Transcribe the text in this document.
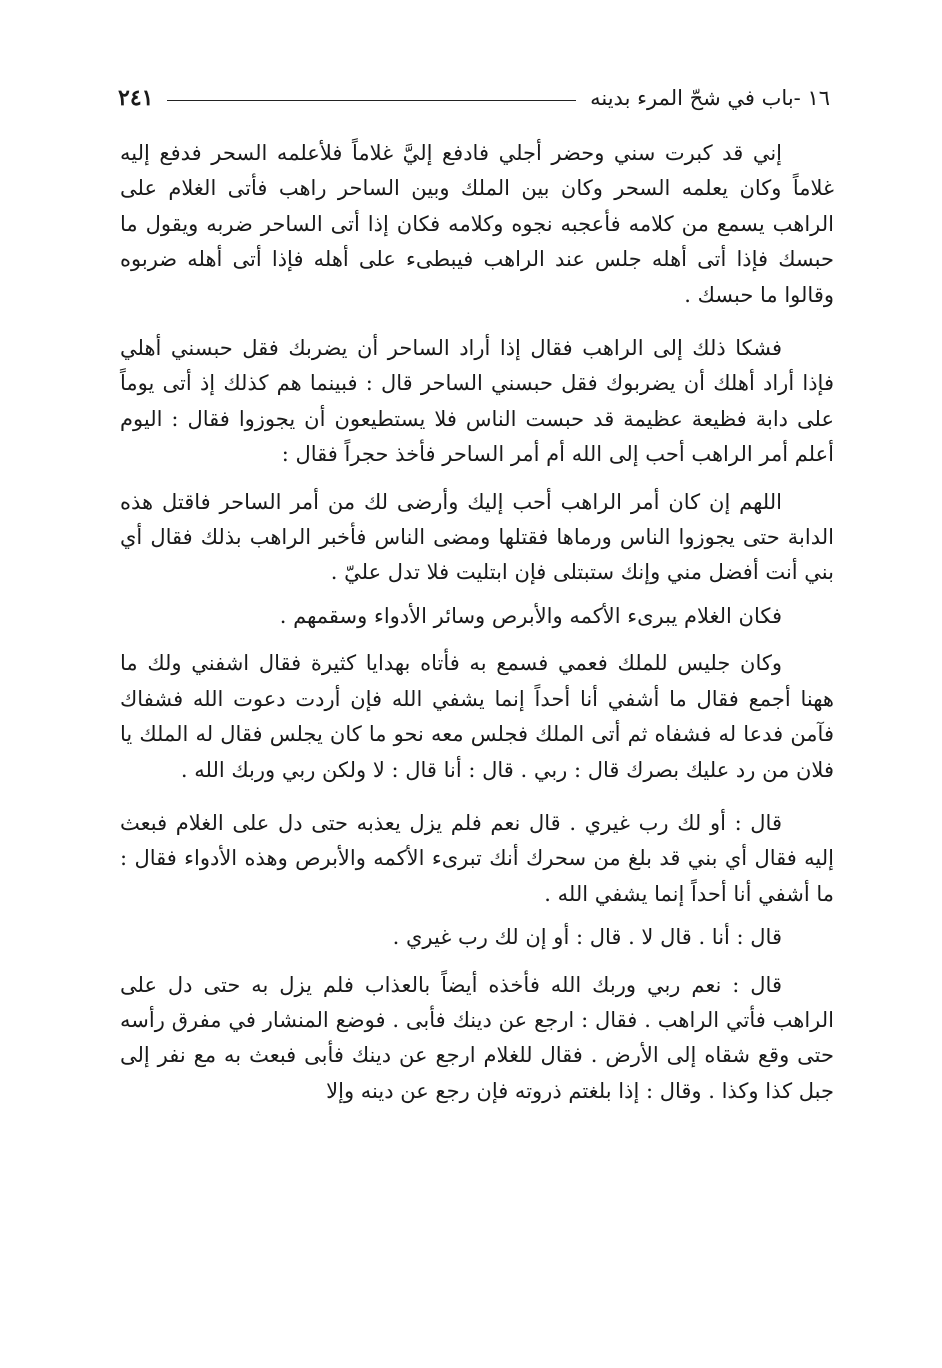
١٦ -باب في شحّ المرء بدينه
٢٤١

إني قد كبرت سني وحضر أجلي فادفع إليَّ غلاماً فلأعلمه السحر فدفع إليه غلاماً وكان يعلمه السحر وكان بين الملك وبين الساحر راهب فأتى الغلام على الراهب يسمع من كلامه فأعجبه نجوه وكلامه فكان إذا أتى الساحر ضربه ويقول ما حبسك فإذا أتى أهله جلس عند الراهب فيبطىء على أهله فإذا أتى أهله ضربوه وقالوا ما حبسك .

فشكا ذلك إلى الراهب فقال إذا أراد الساحر أن يضربك فقل حبسني أهلي فإذا أراد أهلك أن يضربوك فقل حبسني الساحر قال : فبينما هم كذلك إذ أتى يوماً على دابة فظيعة عظيمة قد حبست الناس فلا يستطيعون أن يجوزوا فقال : اليوم أعلم أمر الراهب أحب إلى الله أم أمر الساحر فأخذ حجراً فقال :

اللهم إن كان أمر الراهب أحب إليك وأرضى لك من أمر الساحر فاقتل هذه الدابة حتى يجوزوا الناس ورماها فقتلها ومضى الناس فأخبر الراهب بذلك فقال أي بني أنت أفضل مني وإنك ستبتلى فإن ابتليت فلا تدل عليّ .

فكان الغلام يبرىء الأكمه والأبرص وسائر الأدواء وسقمهم .

وكان جليس للملك فعمي فسمع به فأتاه بهدايا كثيرة فقال اشفني ولك ما ههنا أجمع فقال ما أشفي أنا أحداً إنما يشفي الله فإن أردت دعوت الله فشفاك فآمن فدعا له فشفاه ثم أتى الملك فجلس معه نحو ما كان يجلس فقال له الملك يا فلان من رد عليك بصرك قال : ربي . قال : أنا قال : لا ولكن ربي وربك الله .

قال : أو لك رب غيري . قال نعم فلم يزل يعذبه حتى دل على الغلام فبعث إليه فقال أي بني قد بلغ من سحرك أنك تبرىء الأكمه والأبرص وهذه الأدواء فقال : ما أشفي أنا أحداً إنما يشفي الله .

قال : أنا . قال لا . قال : أو إن لك رب غيري .

قال : نعم ربي وربك الله فأخذه أيضاً بالعذاب فلم يزل به حتى دل على الراهب فأتي الراهب . فقال : ارجع عن دينك فأبى . فوضع المنشار في مفرق رأسه حتى وقع شقاه إلى الأرض . فقال للغلام ارجع عن دينك فأبى فبعث به مع نفر إلى جبل كذا وكذا . وقال : إذا بلغتم ذروته فإن رجع عن دينه وإلا
